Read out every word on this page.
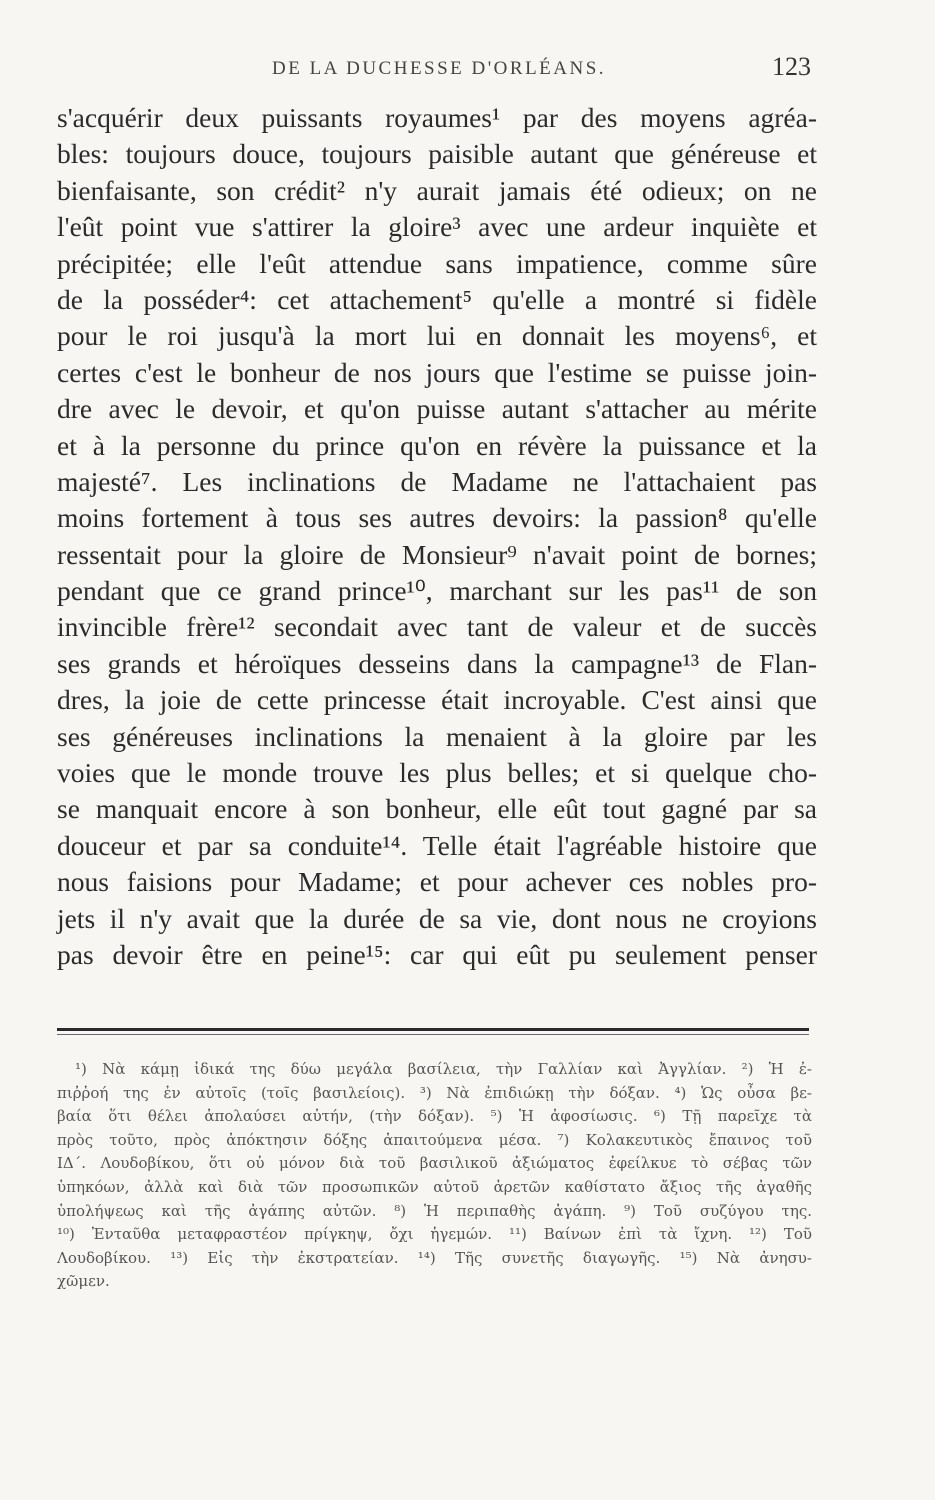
DE LA DUCHESSE D'ORLÉANS.	123
s'acquérir deux puissants royaumes¹ par des moyens agréa-
bles: toujours douce, toujours paisible autant que généreuse et
bienfaisante, son crédit² n'y aurait jamais été odieux; on ne
l'eût point vue s'attirer la gloire³ avec une ardeur inquiète et
précipitée; elle l'eût attendue sans impatience, comme sûre
de la posséder⁴: cet attachement⁵ qu'elle a montré si fidèle
pour le roi jusqu'à la mort lui en donnait les moyens⁶, et
certes c'est le bonheur de nos jours que l'estime se puisse join-
dre avec le devoir, et qu'on puisse autant s'attacher au mérite
et à la personne du prince qu'on en révère la puissance et la
majesté⁷. Les inclinations de Madame ne l'attachaient pas
moins fortement à tous ses autres devoirs: la passion⁸ qu'elle
ressentait pour la gloire de Monsieur⁹ n'avait point de bornes;
pendant que ce grand prince¹⁰, marchant sur les pas¹¹ de son
invincible frère¹² secondait avec tant de valeur et de succès
ses grands et héroïques desseins dans la campagne¹³ de Flan-
dres, la joie de cette princesse était incroyable. C'est ainsi que
ses généreuses inclinations la menaient à la gloire par les
voies que le monde trouve les plus belles; et si quelque cho-
se manquait encore à son bonheur, elle eût tout gagné par sa
douceur et par sa conduite¹⁴. Telle était l'agréable histoire que
nous faisions pour Madame; et pour achever ces nobles pro-
jets il n'y avait que la durée de sa vie, dont nous ne croyions
pas devoir être en peine¹⁵: car qui eût pu seulement penser
¹) Νὰ κάμῃ ἰδικά της δύω μεγάλα βασίλεια, τὴν Γαλλίαν καὶ Ἀγγλίαν. ²) Ἡ ἐ-
πιῤῥοή της ἐν αὐτοῖς (τοῖς βασιλείοις). ³) Νὰ ἐπιδιώκῃ τὴν δόξαν. ⁴) Ὡς οὖσα βε-
βαία ὅτι θέλει ἀπολαύσει αὐτήν, (τὴν δόξαν). ⁵) Ἡ ἀφοσίωσις. ⁶) Τῇ παρεῖχε τὰ
πρὸς τοῦτο, πρὸς ἀπόκτησιν δόξης ἀπαιτούμενα μέσα. ⁷) Κολακευτικὸς ἔπαινος τοῦ
ΙΔ΄. Λουδοβίκου, ὅτι οὐ μόνον διὰ τοῦ βασιλικοῦ ἀξιώματος ἐφείλκυε τὸ σέβας τῶν
ὑπηκόων, ἀλλὰ καὶ διὰ τῶν προσωπικῶν αὐτοῦ ἀρετῶν καθίστατο ἄξιος τῆς ἀγαθῆς
ὑπολήψεως καὶ τῆς ἀγάπης αὐτῶν. ⁸) Ἡ περιπαθὴς ἀγάπη. ⁹) Τοῦ συζύγου της.
¹⁰) Ἐνταῦθα μεταφραστέον πρίγκηψ, ὄχι ἡγεμών. ¹¹) Βαίνων ἐπὶ τὰ ἴχνη. ¹²) Τοῦ
Λουδοβίκου. ¹³) Εἰς τὴν ἐκστρατείαν. ¹⁴) Τῆς συνετῆς διαγωγῆς. ¹⁵) Νὰ ἀνησυ-
χῶμεν.
